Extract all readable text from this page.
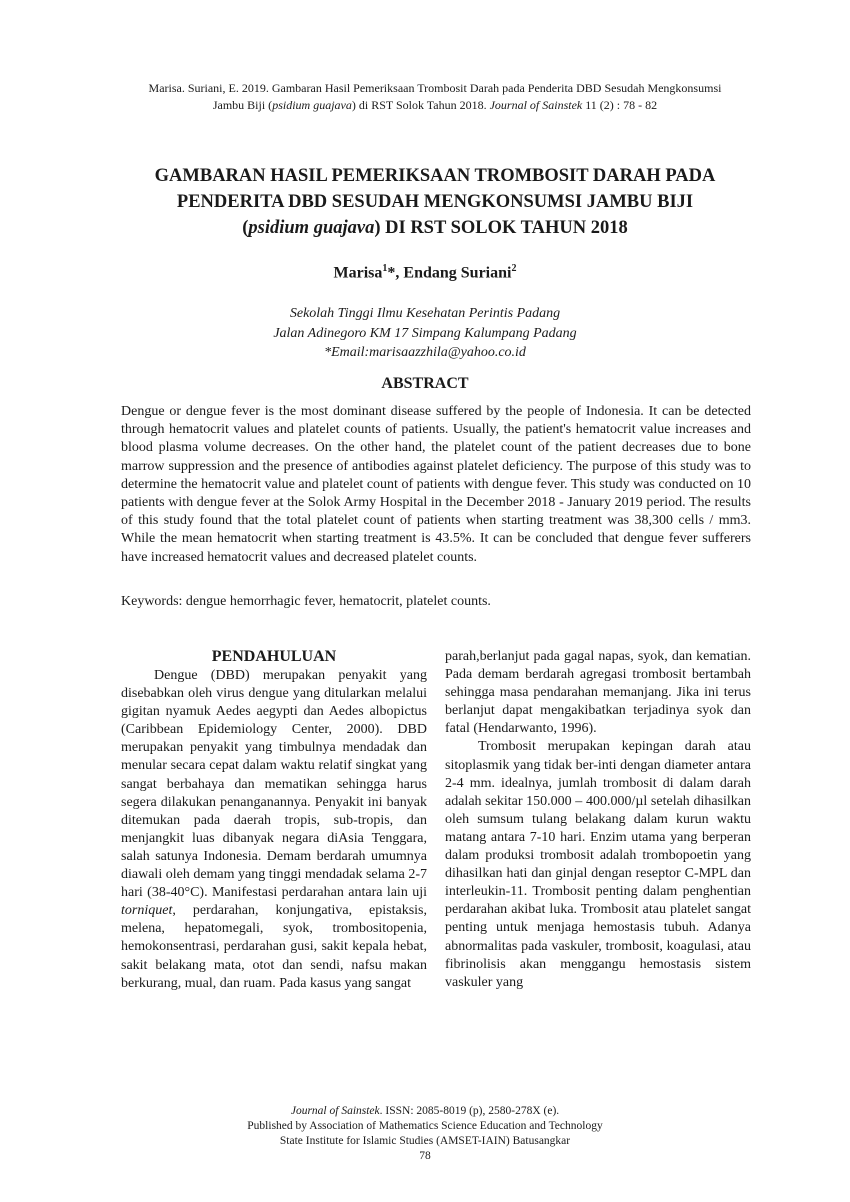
Marisa. Suriani, E. 2019. Gambaran Hasil Pemeriksaan Trombosit Darah pada Penderita DBD Sesudah Mengkonsumsi
Jambu Biji (psidium guajava) di RST Solok Tahun 2018. Journal of Sainstek 11 (2) : 78 - 82
GAMBARAN HASIL PEMERIKSAAN TROMBOSIT DARAH PADA
PENDERITA DBD SESUDAH MENGKONSUMSI JAMBU BIJI
(psidium guajava) DI RST SOLOK TAHUN 2018
Marisa$^1$*, Endang Suriani$^2$
Sekolah Tinggi Ilmu Kesehatan Perintis Padang
Jalan Adinegoro KM 17 Simpang Kalumpang Padang
*Email:marisaazzhila@yahoo.co.id
ABSTRACT

Dengue or dengue fever is the most dominant disease suffered by the people of Indonesia. It can be detected through hematocrit values and platelet counts of patients. Usually, the patient's hematocrit value increases and blood plasma volume decreases. On the other hand, the platelet count of the patient decreases due to bone marrow suppression and the presence of antibodies against platelet deficiency. The purpose of this study was to determine the hematocrit value and platelet count of patients with dengue fever. This study was conducted on 10 patients with dengue fever at the Solok Army Hospital in the December 2018 - January 2019 period. The results of this study found that the total platelet count of patients when starting treatment was 38,300 cells / mm3. While the mean hematocrit when starting treatment is 43.5%. It can be concluded that dengue fever sufferers have increased hematocrit values and decreased platelet counts.

Keywords: dengue hemorrhagic fever, hematocrit, platelet counts.
PENDAHULUAN

Dengue (DBD) merupakan penyakit yang disebabkan oleh virus dengue yang ditularkan melalui gigitan nyamuk Aedes aegypti dan Aedes albopictus (Caribbean Epidemiology Center, 2000). DBD merupakan penyakit yang timbulnya mendadak dan menular secara cepat dalam waktu relatif singkat yang sangat berbahaya dan mematikan sehingga harus segera dilakukan penanganannya. Penyakit ini banyak ditemukan pada daerah tropis, sub-tropis, dan menjangkit luas dibanyak negara diAsia Tenggara, salah satunya Indonesia. Demam berdarah umumnya diawali oleh demam yang tinggi mendadak selama 2-7 hari (38-40°C). Manifestasi perdarahan antara lain uji torniquet, perdarahan, konjungativa, epistaksis, melena, hepatomegali, syok, trombositopenia, hemokonsentrasi, perdarahan gusi, sakit kepala hebat, sakit belakang mata, otot dan sendi, nafsu makan berkurang, mual, dan ruam. Pada kasus yang sangat

parah,berlanjut pada gagal napas, syok, dan kematian. Pada demam berdarah agregasi trombosit bertambah sehingga masa pendarahan memanjang. Jika ini terus berlanjut dapat mengakibatkan terjadinya syok dan fatal (Hendarwanto, 1996).

Trombosit merupakan kepingan darah atau sitoplasmik yang tidak ber-inti dengan diameter antara 2-4 mm. idealnya, jumlah trombosit di dalam darah adalah sekitar 150.000 – 400.000/µl setelah dihasilkan oleh sumsum tulang belakang dalam kurun waktu matang antara 7-10 hari. Enzim utama yang berperan dalam produksi trombosit adalah trombopoetin yang dihasilkan hati dan ginjal dengan reseptor C-MPL dan interleukin-11. Trombosit penting dalam penghentian perdarahan akibat luka. Trombosit atau platelet sangat penting untuk menjaga hemostasis tubuh. Adanya abnormalitas pada vaskuler, trombosit, koagulasi, atau fibrinolisis akan menggangu hemostasis sistem vaskuler yang

Journal of Sainstek. ISSN: 2085-8019 (p), 2580-278X (e).
Published by Association of Mathematics Science Education and Technology
State Institute for Islamic Studies (AMSET-IAIN) Batusangkar
78
